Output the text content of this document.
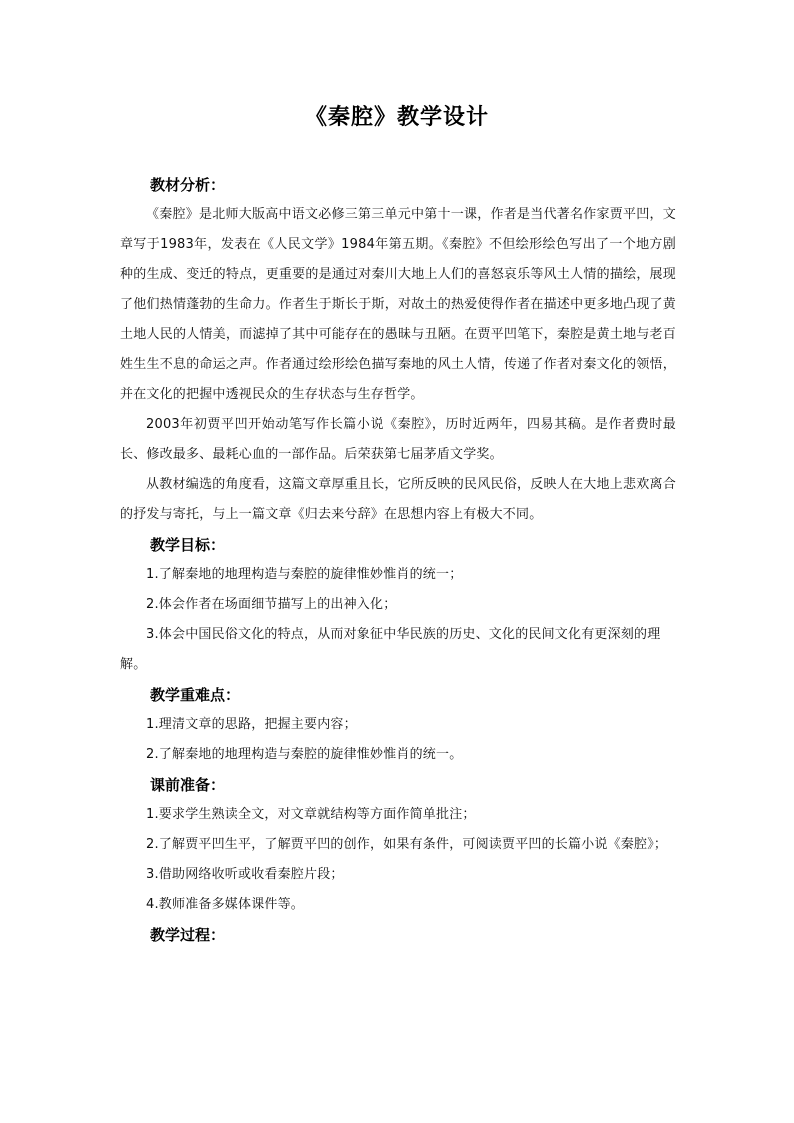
《秦腔》教学设计

教材分析：

《秦腔》是北师大版高中语文必修三第三单元中第十一课，作者是当代著名作家贾平凹，文章写于1983年，发表在《人民文学》1984年第五期。《秦腔》不但绘形绘色写出了一个地方剧种的生成、变迁的特点，更重要的是通过对秦川大地上人们的喜怒哀乐等风土人情的描绘，展现了他们热情蓬勃的生命力。作者生于斯长于斯，对故土的热爱使得作者在描述中更多地凸现了黄土地人民的人情美，而滤掉了其中可能存在的愚昧与丑陋。在贾平凹笔下，秦腔是黄土地与老百姓生生不息的命运之声。作者通过绘形绘色描写秦地的风土人情，传递了作者对秦文化的领悟，并在文化的把握中透视民众的生存状态与生存哲学。

2003年初贾平凹开始动笔写作长篇小说《秦腔》，历时近两年，四易其稿。是作者费时最长、修改最多、最耗心血的一部作品。后荣获第七届茅盾文学奖。

从教材编选的角度看，这篇文章厚重且长，它所反映的民风民俗，反映人在大地上悲欢离合的抒发与寄托，与上一篇文章《归去来兮辞》在思想内容上有极大不同。

教学目标：

1.了解秦地的地理构造与秦腔的旋律惟妙惟肖的统一；

2.体会作者在场面细节描写上的出神入化；

3.体会中国民俗文化的特点，从而对象征中华民族的历史、文化的民间文化有更深刻的理解。

教学重难点：

1.理清文章的思路，把握主要内容；

2.了解秦地的地理构造与秦腔的旋律惟妙惟肖的统一。

课前准备：

1.要求学生熟读全文，对文章就结构等方面作简单批注；

2.了解贾平凹生平，了解贾平凹的创作，如果有条件，可阅读贾平凹的长篇小说《秦腔》；

3.借助网络收听或收看秦腔片段；

4.教师准备多媒体课件等。

教学过程：
